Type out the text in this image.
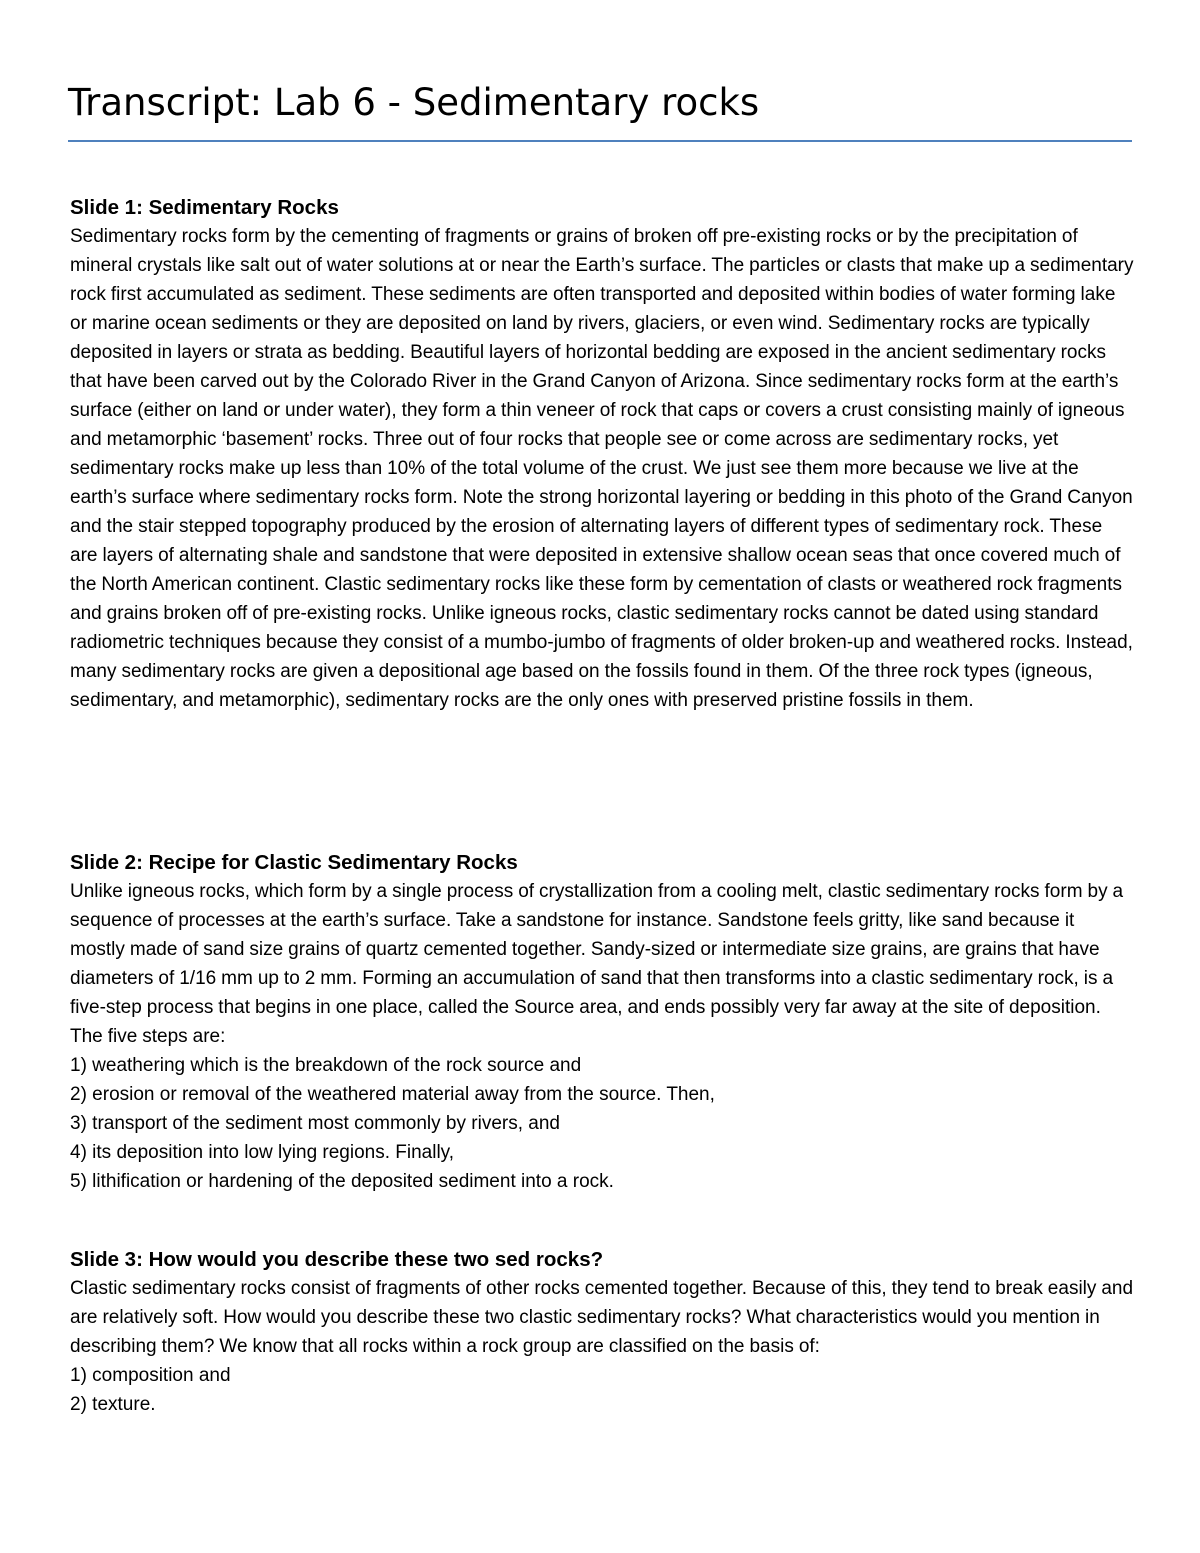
Transcript: Lab 6 - Sedimentary rocks
Slide 1: Sedimentary Rocks

Sedimentary rocks form by the cementing of fragments or grains of broken off pre-existing rocks or by the precipitation of mineral crystals like salt out of water solutions at or near the Earth’s surface. The particles or clasts that make up a sedimentary rock first accumulated as sediment. These sediments are often transported and deposited within bodies of water forming lake or marine ocean sediments or they are deposited on land by rivers, glaciers, or even wind. Sedimentary rocks are typically deposited in layers or strata as bedding. Beautiful layers of horizontal bedding are exposed in the ancient sedimentary rocks that have been carved out by the Colorado River in the Grand Canyon of Arizona. Since sedimentary rocks form at the earth’s surface (either on land or under water), they form a thin veneer of rock that caps or covers a crust consisting mainly of igneous and metamorphic ‘basement’ rocks. Three out of four rocks that people see or come across are sedimentary rocks, yet sedimentary rocks make up less than 10% of the total volume of the crust. We just see them more because we live at the earth’s surface where sedimentary rocks form. Note the strong horizontal layering or bedding in this photo of the Grand Canyon and the stair stepped topography produced by the erosion of alternating layers of different types of sedimentary rock. These are layers of alternating shale and sandstone that were deposited in extensive shallow ocean seas that once covered much of the North American continent. Clastic sedimentary rocks like these form by cementation of clasts or weathered rock fragments and grains broken off of pre-existing rocks. Unlike igneous rocks, clastic sedimentary rocks cannot be dated using standard radiometric techniques because they consist of a mumbo-jumbo of fragments of older broken-up and weathered rocks. Instead, many sedimentary rocks are given a depositional age based on the fossils found in them. Of the three rock types (igneous, sedimentary, and metamorphic), sedimentary rocks are the only ones with preserved pristine fossils in them.

Slide 2: Recipe for Clastic Sedimentary Rocks

Unlike igneous rocks, which form by a single process of crystallization from a cooling melt, clastic sedimentary rocks form by a sequence of processes at the earth’s surface. Take a sandstone for instance. Sandstone feels gritty, like sand because it mostly made of sand size grains of quartz cemented together. Sandy-sized or intermediate size grains, are grains that have diameters of 1/16 mm up to 2 mm. Forming an accumulation of sand that then transforms into a clastic sedimentary rock, is a five-step process that begins in one place, called the Source area, and ends possibly very far away at the site of deposition. The five steps are:

1) weathering which is the breakdown of the rock source and
2) erosion or removal of the weathered material away from the source. Then,
3) transport of the sediment most commonly by rivers, and
4) its deposition into low lying regions. Finally,
5) lithification or hardening of the deposited sediment into a rock.
Slide 3: How would you describe these two sed rocks?

Clastic sedimentary rocks consist of fragments of other rocks cemented together. Because of this, they tend to break easily and are relatively soft. How would you describe these two clastic sedimentary rocks? What characteristics would you mention in describing them? We know that all rocks within a rock group are classified on the basis of:

1) composition and
2) texture.
